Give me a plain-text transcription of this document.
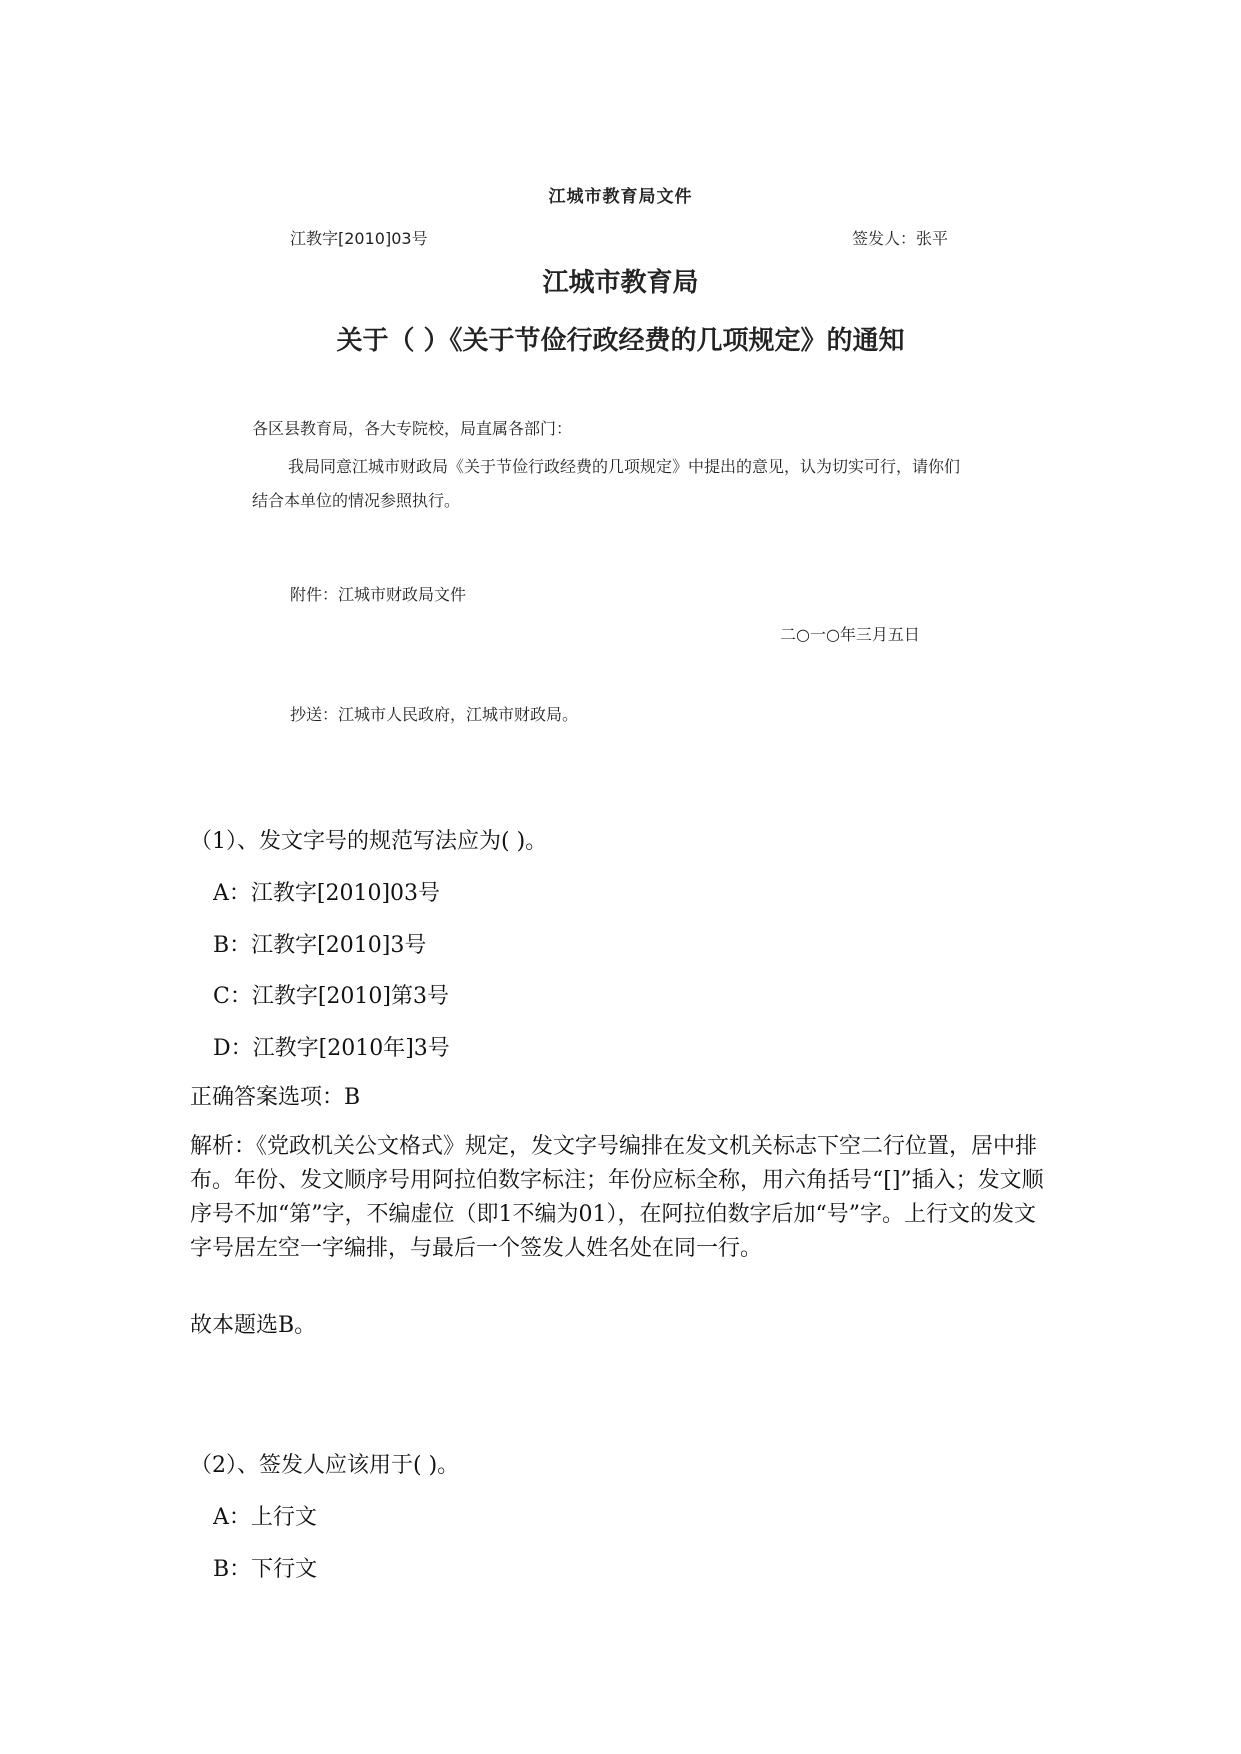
江城市教育局文件
江教字[2010]03号	签发人：张平
江城市教育局
关于（ ）《关于节俭行政经费的几项规定》的通知
各区县教育局，各大专院校，局直属各部门：
我局同意江城市财政局《关于节俭行政经费的几项规定》中提出的意见，认为切实可行，请你们结合本单位的情况参照执行。
附件：江城市财政局文件
二○一○年三月五日
抄送：江城市人民政府，江城市财政局。
（1）、发文字号的规范写法应为( )。
A：江教字[2010]03号
B：江教字[2010]3号
C：江教字[2010]第3号
D：江教字[2010年]3号
正确答案选项：B
解析：《党政机关公文格式》规定，发文字号编排在发文机关标志下空二行位置，居中排布。年份、发文顺序号用阿拉伯数字标注；年份应标全称，用六角括号“[]”插入；发文顺序号不加“第”字，不编虚位（即1不编为01），在阿拉伯数字后加“号”字。上行文的发文字号居左空一字编排，与最后一个签发人姓名处在同一行。
故本题选B。
（2）、签发人应该用于( )。
A：上行文
B：下行文
